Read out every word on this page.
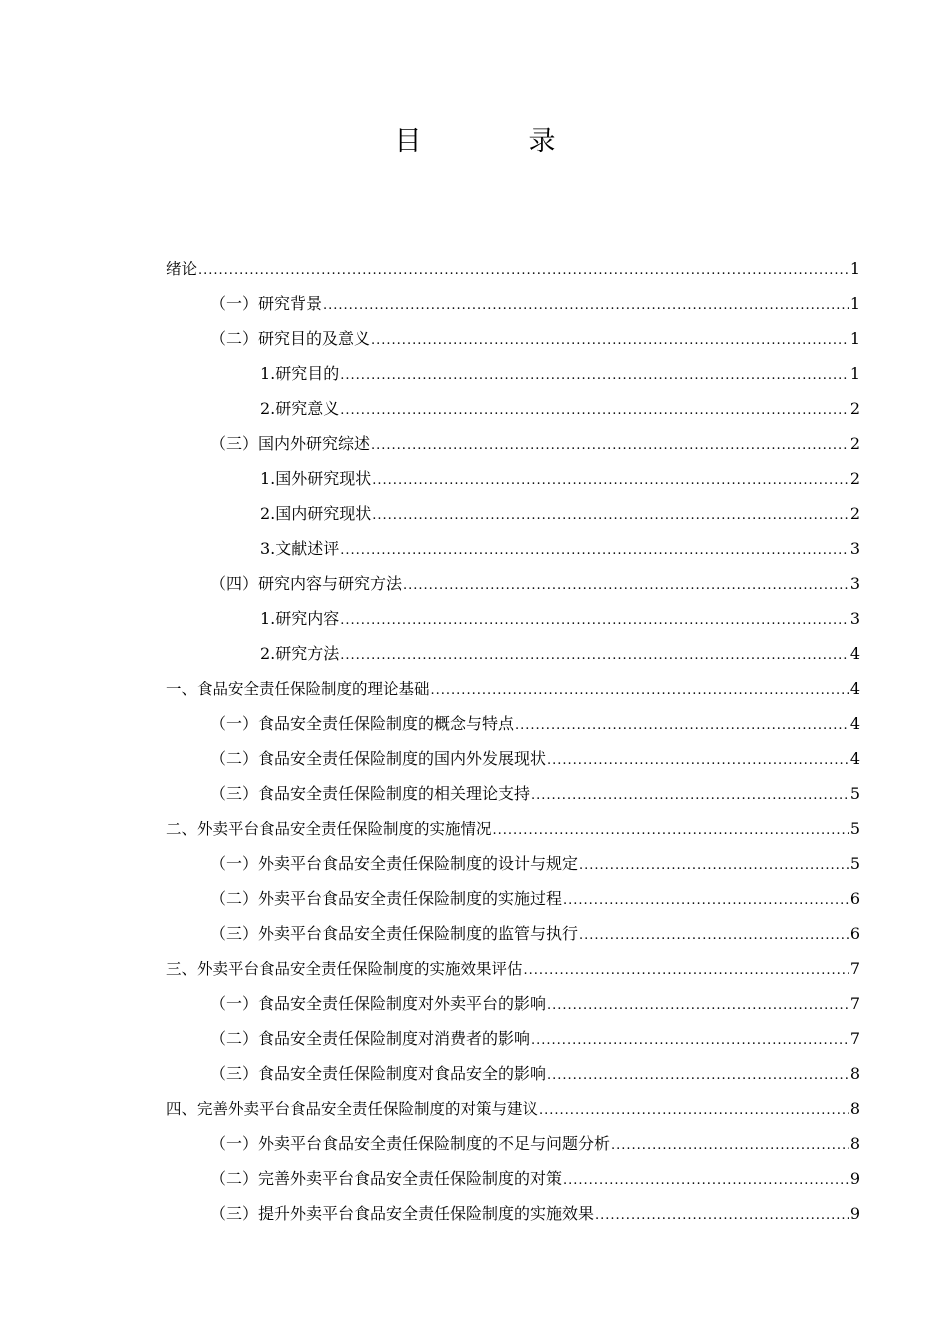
目　录
绪论 .....	1
（一）研究背景 .....	1
（二）研究目的及意义 .....	1
1.研究目的 .....	1
2.研究意义 .....	2
（三）国内外研究综述 .....	2
1.国外研究现状 .....	2
2.国内研究现状 .....	2
3.文献述评 .....	3
（四）研究内容与研究方法 .....	3
1.研究内容 .....	3
2.研究方法 .....	4
一、食品安全责任保险制度的理论基础 .....	4
（一）食品安全责任保险制度的概念与特点 .....	4
（二）食品安全责任保险制度的国内外发展现状 .....	4
（三）食品安全责任保险制度的相关理论支持 .....	5
二、外卖平台食品安全责任保险制度的实施情况 .....	5
（一）外卖平台食品安全责任保险制度的设计与规定 .....	5
（二）外卖平台食品安全责任保险制度的实施过程 .....	6
（三）外卖平台食品安全责任保险制度的监管与执行 .....	6
三、外卖平台食品安全责任保险制度的实施效果评估 .....	7
（一）食品安全责任保险制度对外卖平台的影响 .....	7
（二）食品安全责任保险制度对消费者的影响 .....	7
（三）食品安全责任保险制度对食品安全的影响 .....	8
四、完善外卖平台食品安全责任保险制度的对策与建议 .....	8
（一）外卖平台食品安全责任保险制度的不足与问题分析 .....	8
（二）完善外卖平台食品安全责任保险制度的对策 .....	9
（三）提升外卖平台食品安全责任保险制度的实施效果 .....	9
